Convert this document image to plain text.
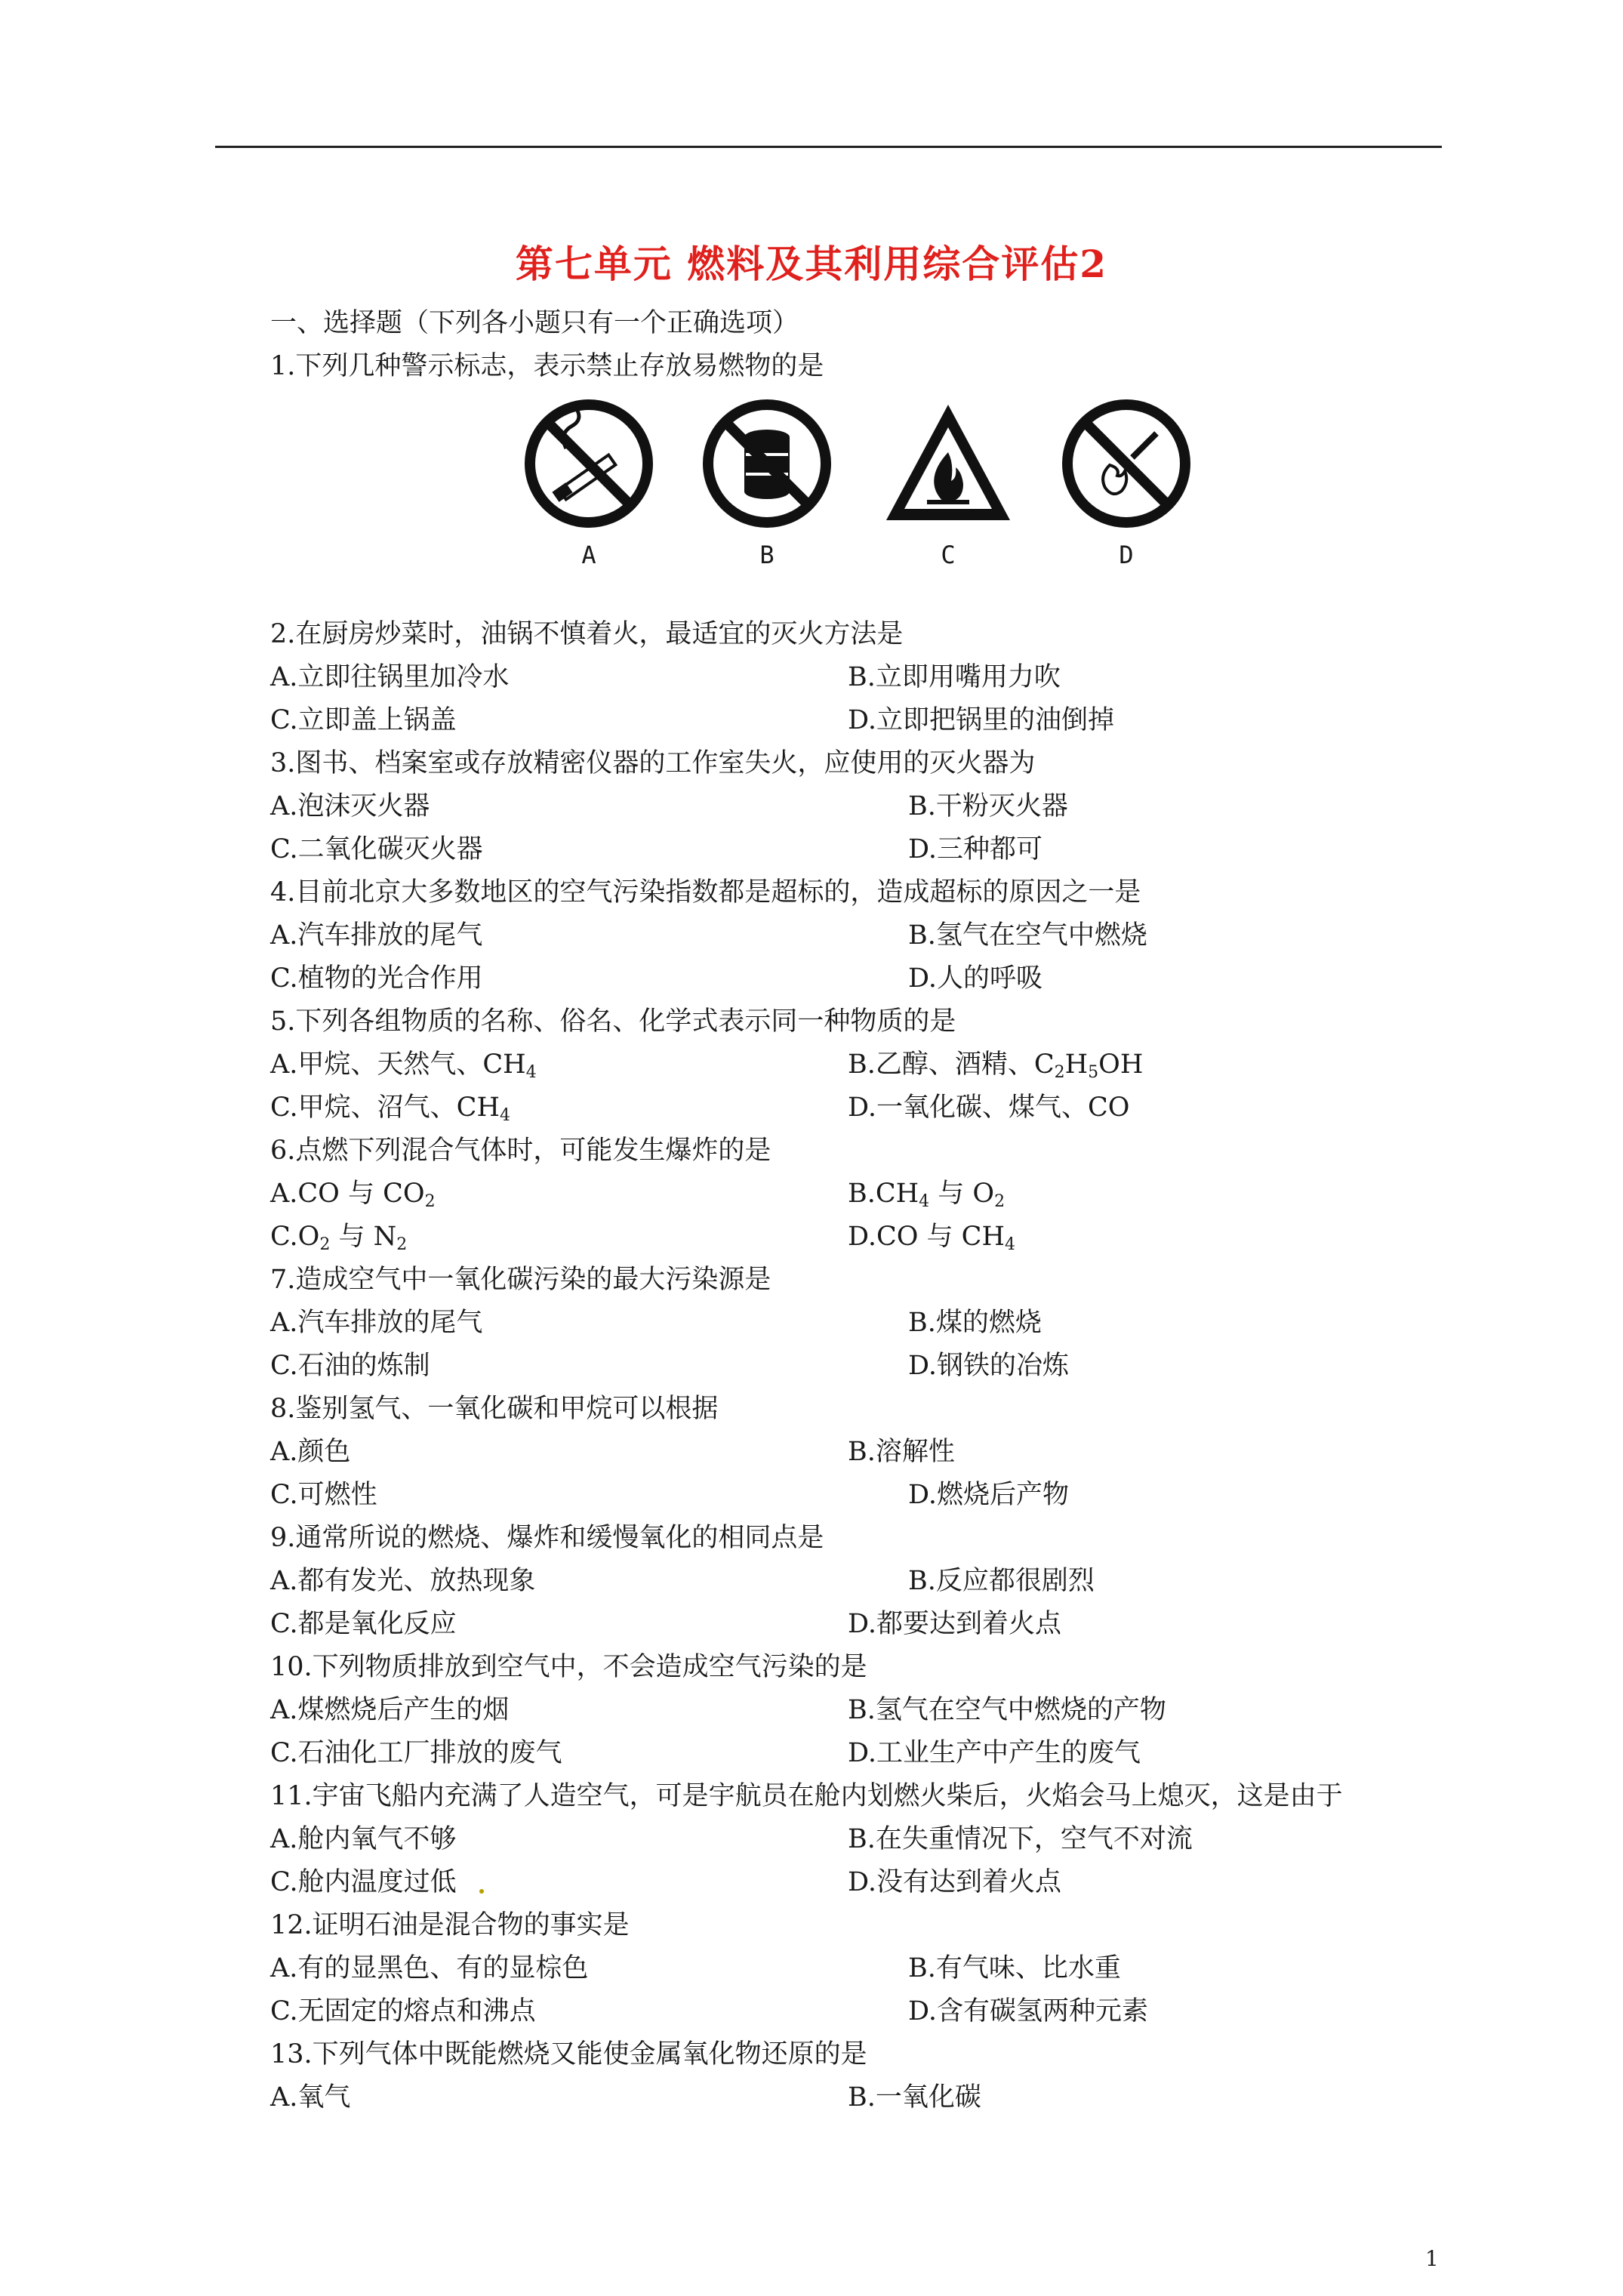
第七单元 燃料及其利用综合评估2
一、选择题（下列各小题只有一个正确选项）
1.下列几种警示标志，表示禁止存放易燃物的是
A	B	C	D
2.在厨房炒菜时，油锅不慎着火，最适宜的灭火方法是
A.立即往锅里加冷水	B.立即用嘴用力吹
C.立即盖上锅盖	D.立即把锅里的油倒掉
3.图书、档案室或存放精密仪器的工作室失火，应使用的灭火器为
A.泡沫灭火器	B.干粉灭火器
C.二氧化碳灭火器	D.三种都可
4.目前北京大多数地区的空气污染指数都是超标的，造成超标的原因之一是
A.汽车排放的尾气	B.氢气在空气中燃烧
C.植物的光合作用	D.人的呼吸
5.下列各组物质的名称、俗名、化学式表示同一种物质的是
A.甲烷、天然气、$CH_4$	B.乙醇、酒精、$C_2H_5OH$
C.甲烷、沼气、$CH_4$	D.一氧化碳、煤气、CO
6.点燃下列混合气体时，可能发生爆炸的是
A.CO 与 $CO_2$	$B.CH_4$ 与 $O_2$
$C.O_2$ 与 $N_2$	D.CO 与 $CH_4$
7.造成空气中一氧化碳污染的最大污染源是
A.汽车排放的尾气	B.煤的燃烧
C.石油的炼制	D.钢铁的冶炼
8.鉴别氢气、一氧化碳和甲烷可以根据
A.颜色	B.溶解性
C.可燃性	D.燃烧后产物
9.通常所说的燃烧、爆炸和缓慢氧化的相同点是
A.都有发光、放热现象	B.反应都很剧烈
C.都是氧化反应	D.都要达到着火点
10.下列物质排放到空气中，不会造成空气污染的是
A.煤燃烧后产生的烟	B.氢气在空气中燃烧的产物
C.石油化工厂排放的废气	D.工业生产中产生的废气
11.宇宙飞船内充满了人造空气，可是宇航员在舱内划燃火柴后，火焰会马上熄灭，这是由于
A.舱内氧气不够	B.在失重情况下，空气不对流
C.舱内温度过低	D.没有达到着火点
12.证明石油是混合物的事实是
A.有的显黑色、有的显棕色	B.有气味、比水重
C.无固定的熔点和沸点	D.含有碳氢两种元素
13.下列气体中既能燃烧又能使金属氧化物还原的是
A.氧气	B.一氧化碳
1
